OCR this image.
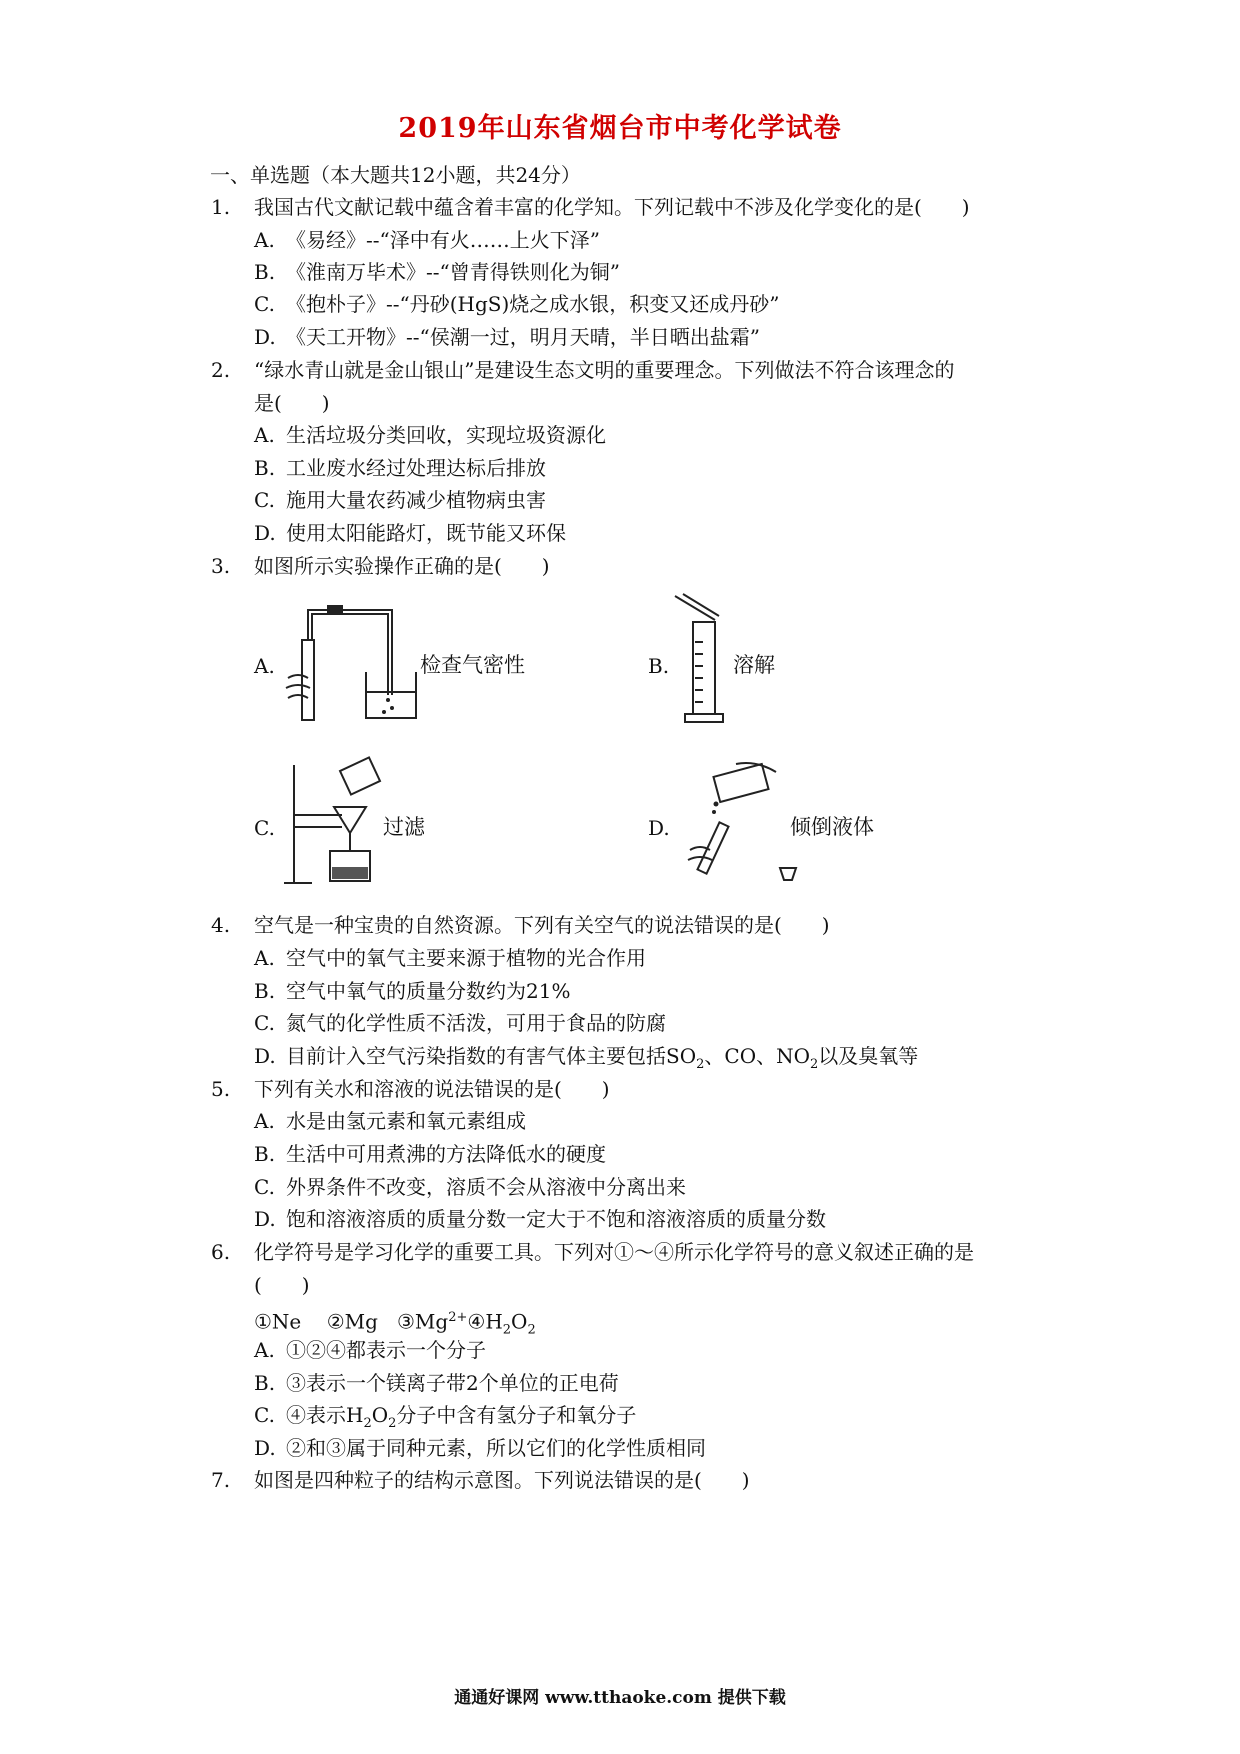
2019年山东省烟台市中考化学试卷
一、单选题（本大题共12小题，共24分）
1. 我国古代文献记载中蕴含着丰富的化学知。下列记载中不涉及化学变化的是(　　)
A. 《易经》--“泽中有火……上火下泽”
B. 《淮南万毕术》--“曾青得铁则化为铜”
C. 《抱朴子》--“丹砂(HgS)烧之成水银，积变又还成丹砂”
D. 《天工开物》--“侯潮一过，明月天晴，半日晒出盐霜”
2. “绿水青山就是金山银山”是建设生态文明的重要理念。下列做法不符合该理念的
是(　　)
A. 生活垃圾分类回收，实现垃圾资源化
B. 工业废水经过处理达标后排放
C. 施用大量农药减少植物病虫害
D. 使用太阳能路灯，既节能又环保
3. 如图所示实验操作正确的是(　　)
A.	检查气密性	B.	溶解
C.	过滤	D.	倾倒液体
4. 空气是一种宝贵的自然资源。下列有关空气的说法错误的是(　　)
A. 空气中的氧气主要来源于植物的光合作用
B. 空气中氧气的质量分数约为21%
C. 氮气的化学性质不活泼，可用于食品的防腐
D. 目前计入空气污染指数的有害气体主要包括$SO_2$、CO、$NO_2$以及臭氧等
5. 下列有关水和溶液的说法错误的是(　　)
A. 水是由氢元素和氧元素组成
B. 生活中可用煮沸的方法降低水的硬度
C. 外界条件不改变，溶质不会从溶液中分离出来
D. 饱和溶液溶质的质量分数一定大于不饱和溶液溶质的质量分数
6. 化学符号是学习化学的重要工具。下列对①～④所示化学符号的意义叙述正确的是
(　　)
①Ne ②Mg $③Mg^{2+}④H_2O_2$
A. ①②④都表示一个分子
B. ③表示一个镁离子带2个单位的正电荷
C. ④表示$H_2O_2$分子中含有氢分子和氧分子
D. ②和③属于同种元素，所以它们的化学性质相同
7. 如图是四种粒子的结构示意图。下列说法错误的是(　　)
通通好课网 www.tthaoke.com 提供下载
